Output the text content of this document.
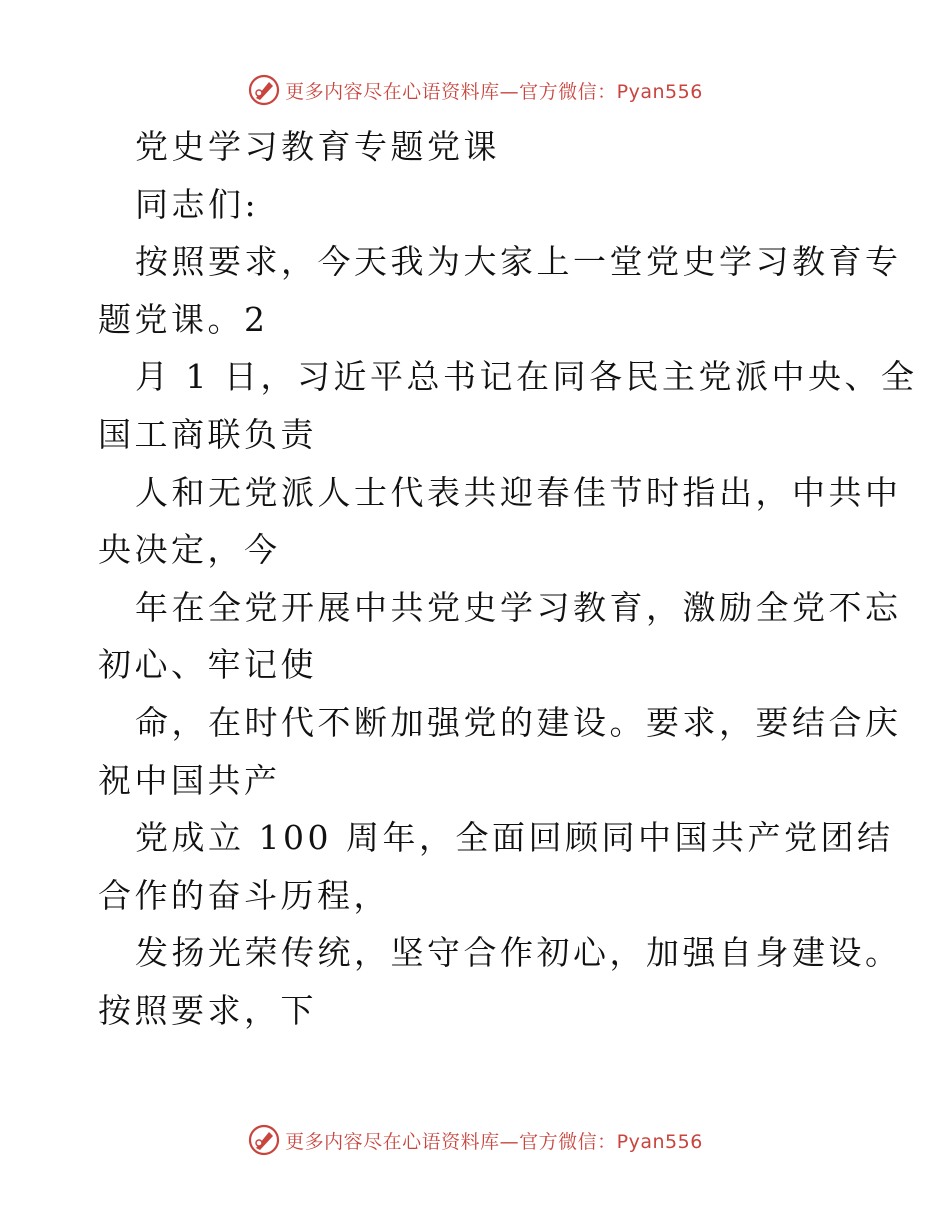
更多内容尽在心语资料库—官方微信：Pyan556
党史学习教育专题党课
同志们:
按照要求，今天我为大家上一堂党史学习教育专
题党课。2
月 1 日，习近平总书记在同各民主党派中央、全
国工商联负责
人和无党派人士代表共迎春佳节时指出，中共中
央决定，今
年在全党开展中共党史学习教育，激励全党不忘
初心、牢记使
命，在时代不断加强党的建设。要求，要结合庆
祝中国共产
党成立 100 周年，全面回顾同中国共产党团结
合作的奋斗历程，
发扬光荣传统，坚守合作初心，加强自身建设。
按照要求，下
更多内容尽在心语资料库—官方微信：Pyan556
